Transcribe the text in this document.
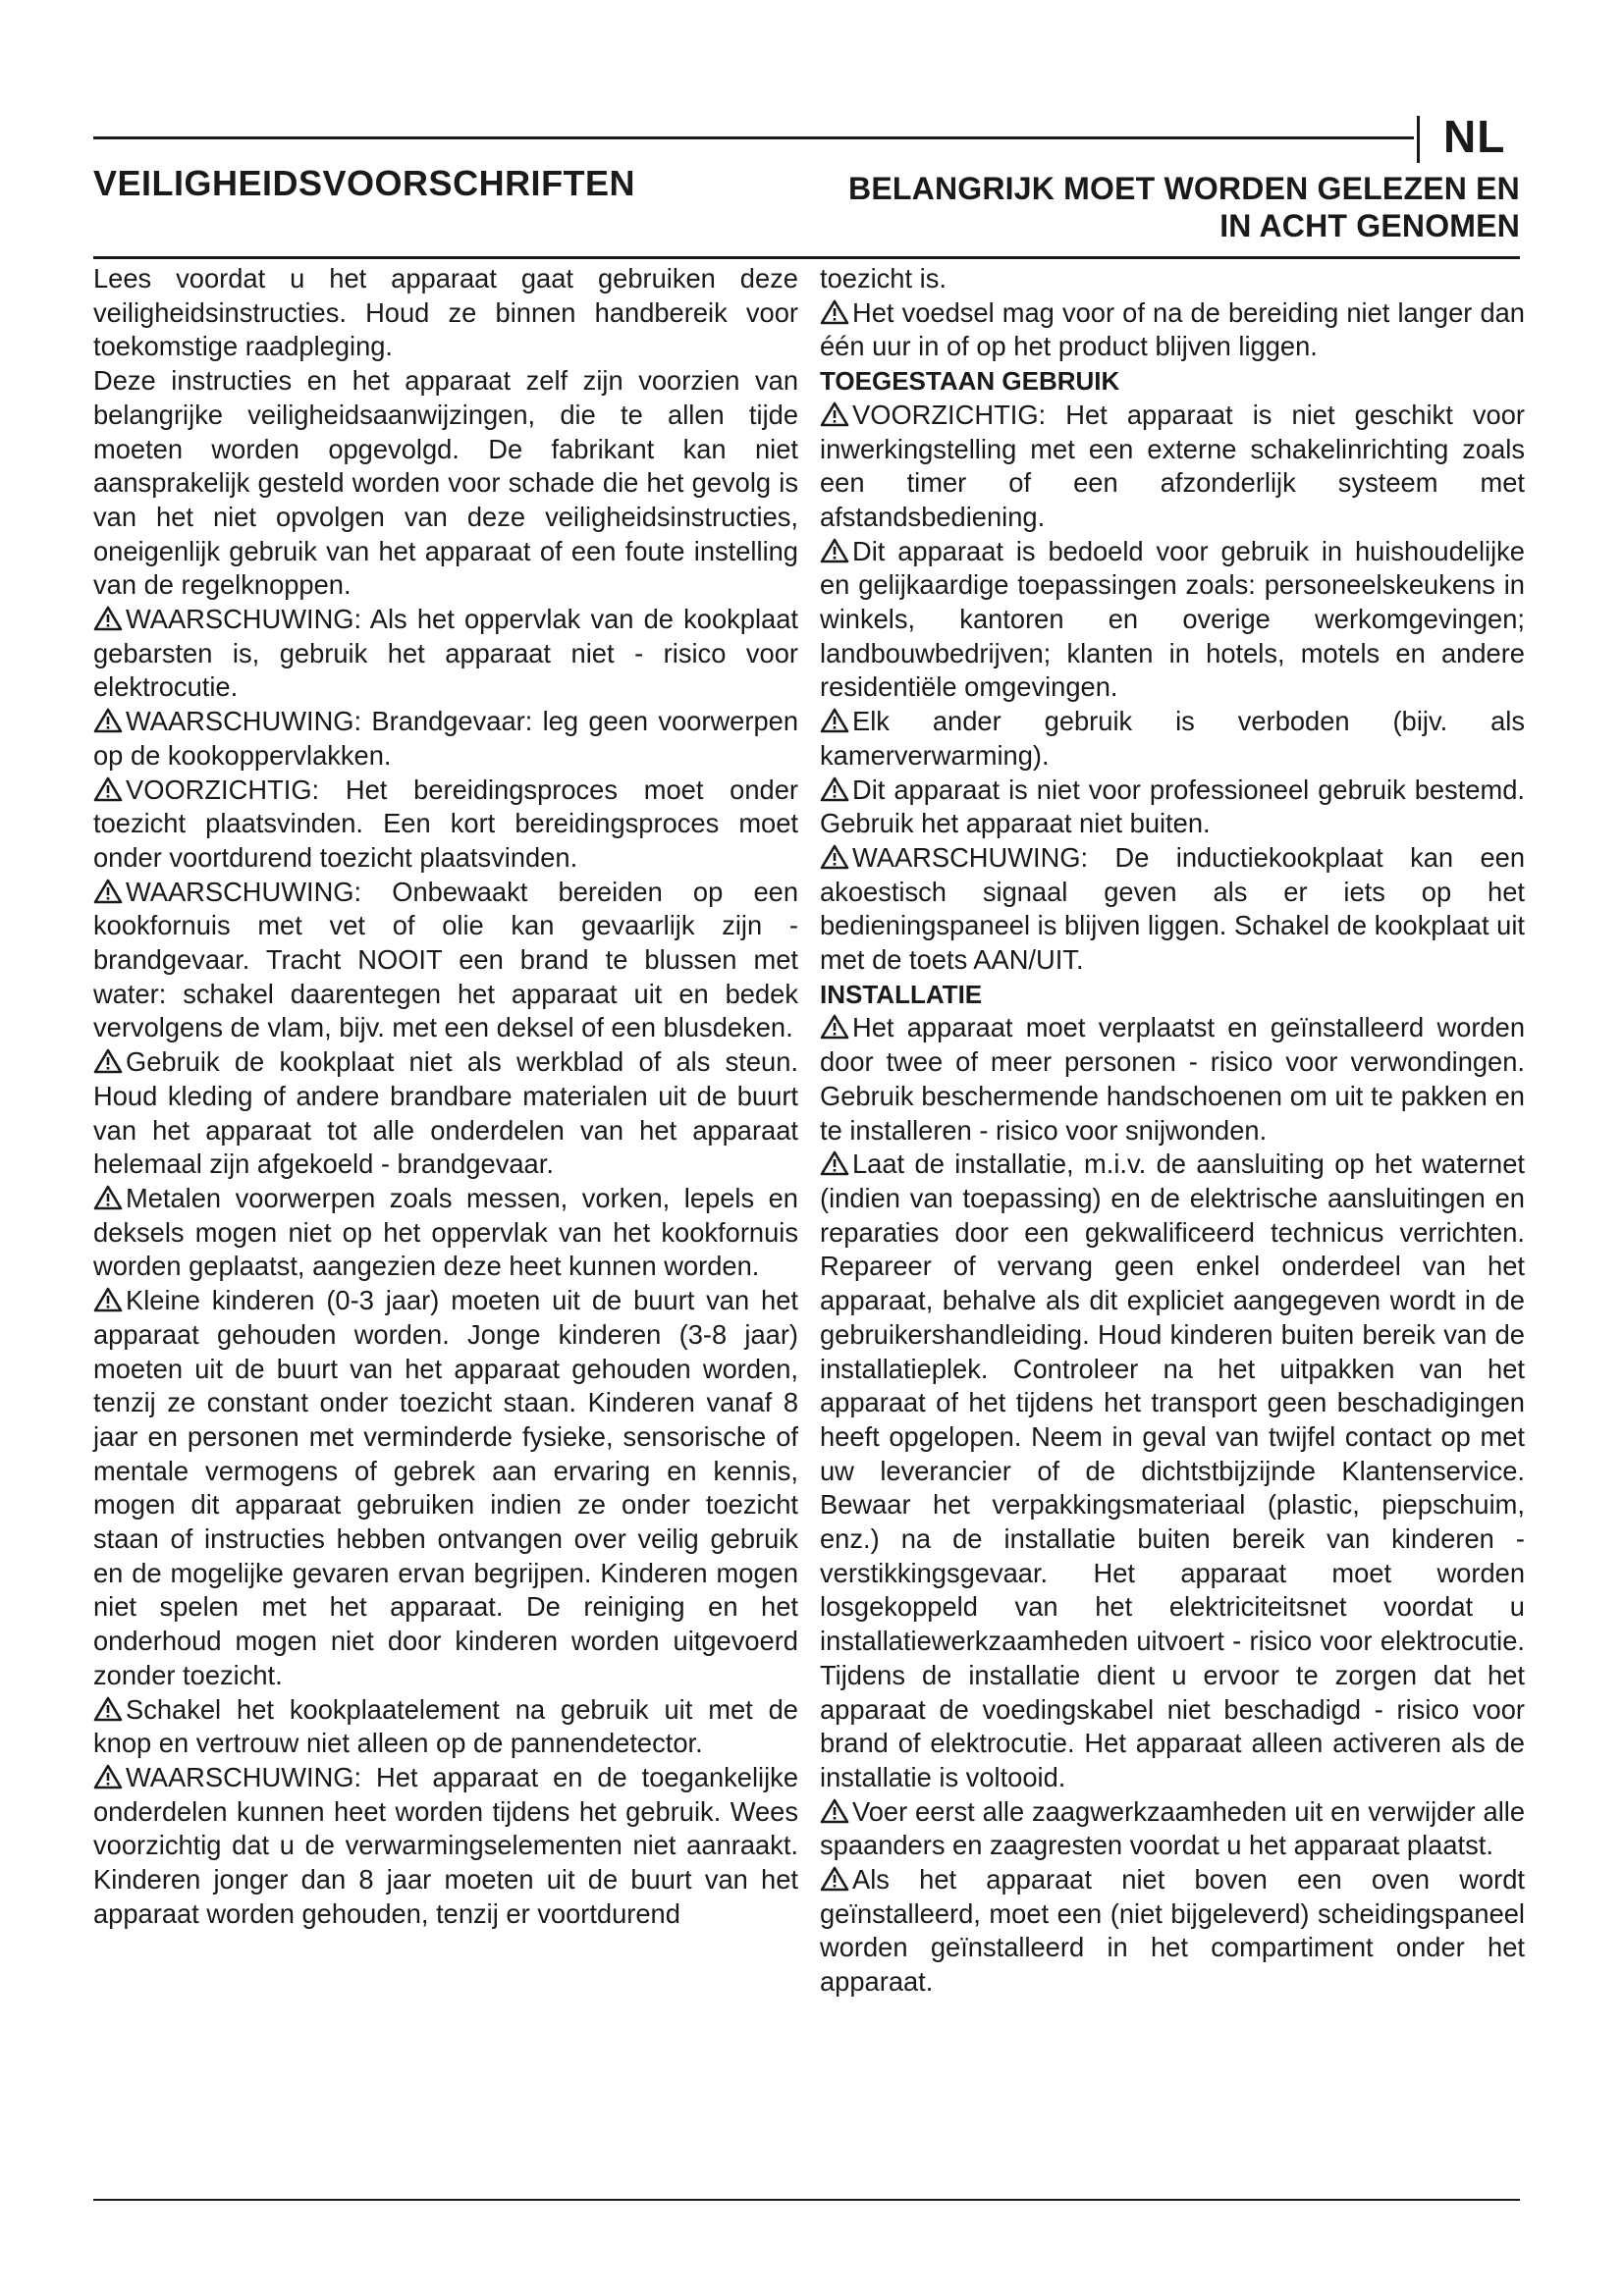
NL
VEILIGHEIDSVOORSCHRIFTEN	BELANGRIJK MOET WORDEN GELEZEN EN
IN ACHT GENOMEN

Lees voordat u het apparaat gaat gebruiken deze veiligheidsinstructies. Houd ze binnen handbereik voor toekomstige raadpleging.

Deze instructies en het apparaat zelf zijn voorzien van belangrijke veiligheidsaanwijzingen, die te allen tijde moeten worden opgevolgd. De fabrikant kan niet aansprakelijk gesteld worden voor schade die het gevolg is van het niet opvolgen van deze veiligheidsinstructies, oneigenlijk gebruik van het apparaat of een foute instelling van de regelknoppen.

WAARSCHUWING: Als het oppervlak van de kookplaat gebarsten is, gebruik het apparaat niet - risico voor elektrocutie.

WAARSCHUWING: Brandgevaar: leg geen voorwerpen op de kookoppervlakken.

VOORZICHTIG: Het bereidingsproces moet onder toezicht plaatsvinden. Een kort bereidingsproces moet onder voortdurend toezicht plaatsvinden.

WAARSCHUWING: Onbewaakt bereiden op een kookfornuis met vet of olie kan gevaarlijk zijn - brandgevaar. Tracht NOOIT een brand te blussen met water: schakel daarentegen het apparaat uit en bedek vervolgens de vlam, bijv. met een deksel of een blusdeken.

Gebruik de kookplaat niet als werkblad of als steun. Houd kleding of andere brandbare materialen uit de buurt van het apparaat tot alle onderdelen van het apparaat helemaal zijn afgekoeld - brandgevaar.

Metalen voorwerpen zoals messen, vorken, lepels en deksels mogen niet op het oppervlak van het kookfornuis worden geplaatst, aangezien deze heet kunnen worden.

Kleine kinderen (0-3 jaar) moeten uit de buurt van het apparaat gehouden worden. Jonge kinderen (3-8 jaar) moeten uit de buurt van het apparaat gehouden worden, tenzij ze constant onder toezicht staan. Kinderen vanaf 8 jaar en personen met verminderde fysieke, sensorische of mentale vermogens of gebrek aan ervaring en kennis, mogen dit apparaat gebruiken indien ze onder toezicht staan of instructies hebben ontvangen over veilig gebruik en de mogelijke gevaren ervan begrijpen. Kinderen mogen niet spelen met het apparaat. De reiniging en het onderhoud mogen niet door kinderen worden uitgevoerd zonder toezicht.

Schakel het kookplaatelement na gebruik uit met de knop en vertrouw niet alleen op de pannendetector.

WAARSCHUWING: Het apparaat en de toegankelijke onderdelen kunnen heet worden tijdens het gebruik. Wees voorzichtig dat u de verwarmingselementen niet aanraakt. Kinderen jonger dan 8 jaar moeten uit de buurt van het apparaat worden gehouden, tenzij er voortdurend

toezicht is.

Het voedsel mag voor of na de bereiding niet langer dan één uur in of op het product blijven liggen.

TOEGESTAAN GEBRUIK

VOORZICHTIG: Het apparaat is niet geschikt voor inwerkingstelling met een externe schakelinrichting zoals een timer of een afzonderlijk systeem met afstandsbediening.

Dit apparaat is bedoeld voor gebruik in huishoudelijke en gelijkaardige toepassingen zoals: personeelskeukens in winkels, kantoren en overige werkomgevingen; landbouwbedrijven; klanten in hotels, motels en andere residentiële omgevingen.

Elk ander gebruik is verboden (bijv. als kamerverwarming).

Dit apparaat is niet voor professioneel gebruik bestemd. Gebruik het apparaat niet buiten.

WAARSCHUWING: De inductiekookplaat kan een akoestisch signaal geven als er iets op het bedieningspaneel is blijven liggen. Schakel de kookplaat uit met de toets AAN/UIT.

INSTALLATIE

Het apparaat moet verplaatst en geïnstalleerd worden door twee of meer personen - risico voor verwondingen. Gebruik beschermende handschoenen om uit te pakken en te installeren - risico voor snijwonden.

Laat de installatie, m.i.v. de aansluiting op het waternet (indien van toepassing) en de elektrische aansluitingen en reparaties door een gekwalificeerd technicus verrichten. Repareer of vervang geen enkel onderdeel van het apparaat, behalve als dit expliciet aangegeven wordt in de gebruikershandleiding. Houd kinderen buiten bereik van de installatieplek. Controleer na het uitpakken van het apparaat of het tijdens het transport geen beschadigingen heeft opgelopen. Neem in geval van twijfel contact op met uw leverancier of de dichtstbijzijnde Klantenservice. Bewaar het verpakkingsmateriaal (plastic, piepschuim, enz.) na de installatie buiten bereik van kinderen - verstikkingsgevaar. Het apparaat moet worden losgekoppeld van het elektriciteitsnet voordat u installatiewerkzaamheden uitvoert - risico voor elektrocutie. Tijdens de installatie dient u ervoor te zorgen dat het apparaat de voedingskabel niet beschadigd - risico voor brand of elektrocutie. Het apparaat alleen activeren als de installatie is voltooid.

Voer eerst alle zaagwerkzaamheden uit en verwijder alle spaanders en zaagresten voordat u het apparaat plaatst.

Als het apparaat niet boven een oven wordt geïnstalleerd, moet een (niet bijgeleverd) scheidingspaneel worden geïnstalleerd in het compartiment onder het apparaat.
